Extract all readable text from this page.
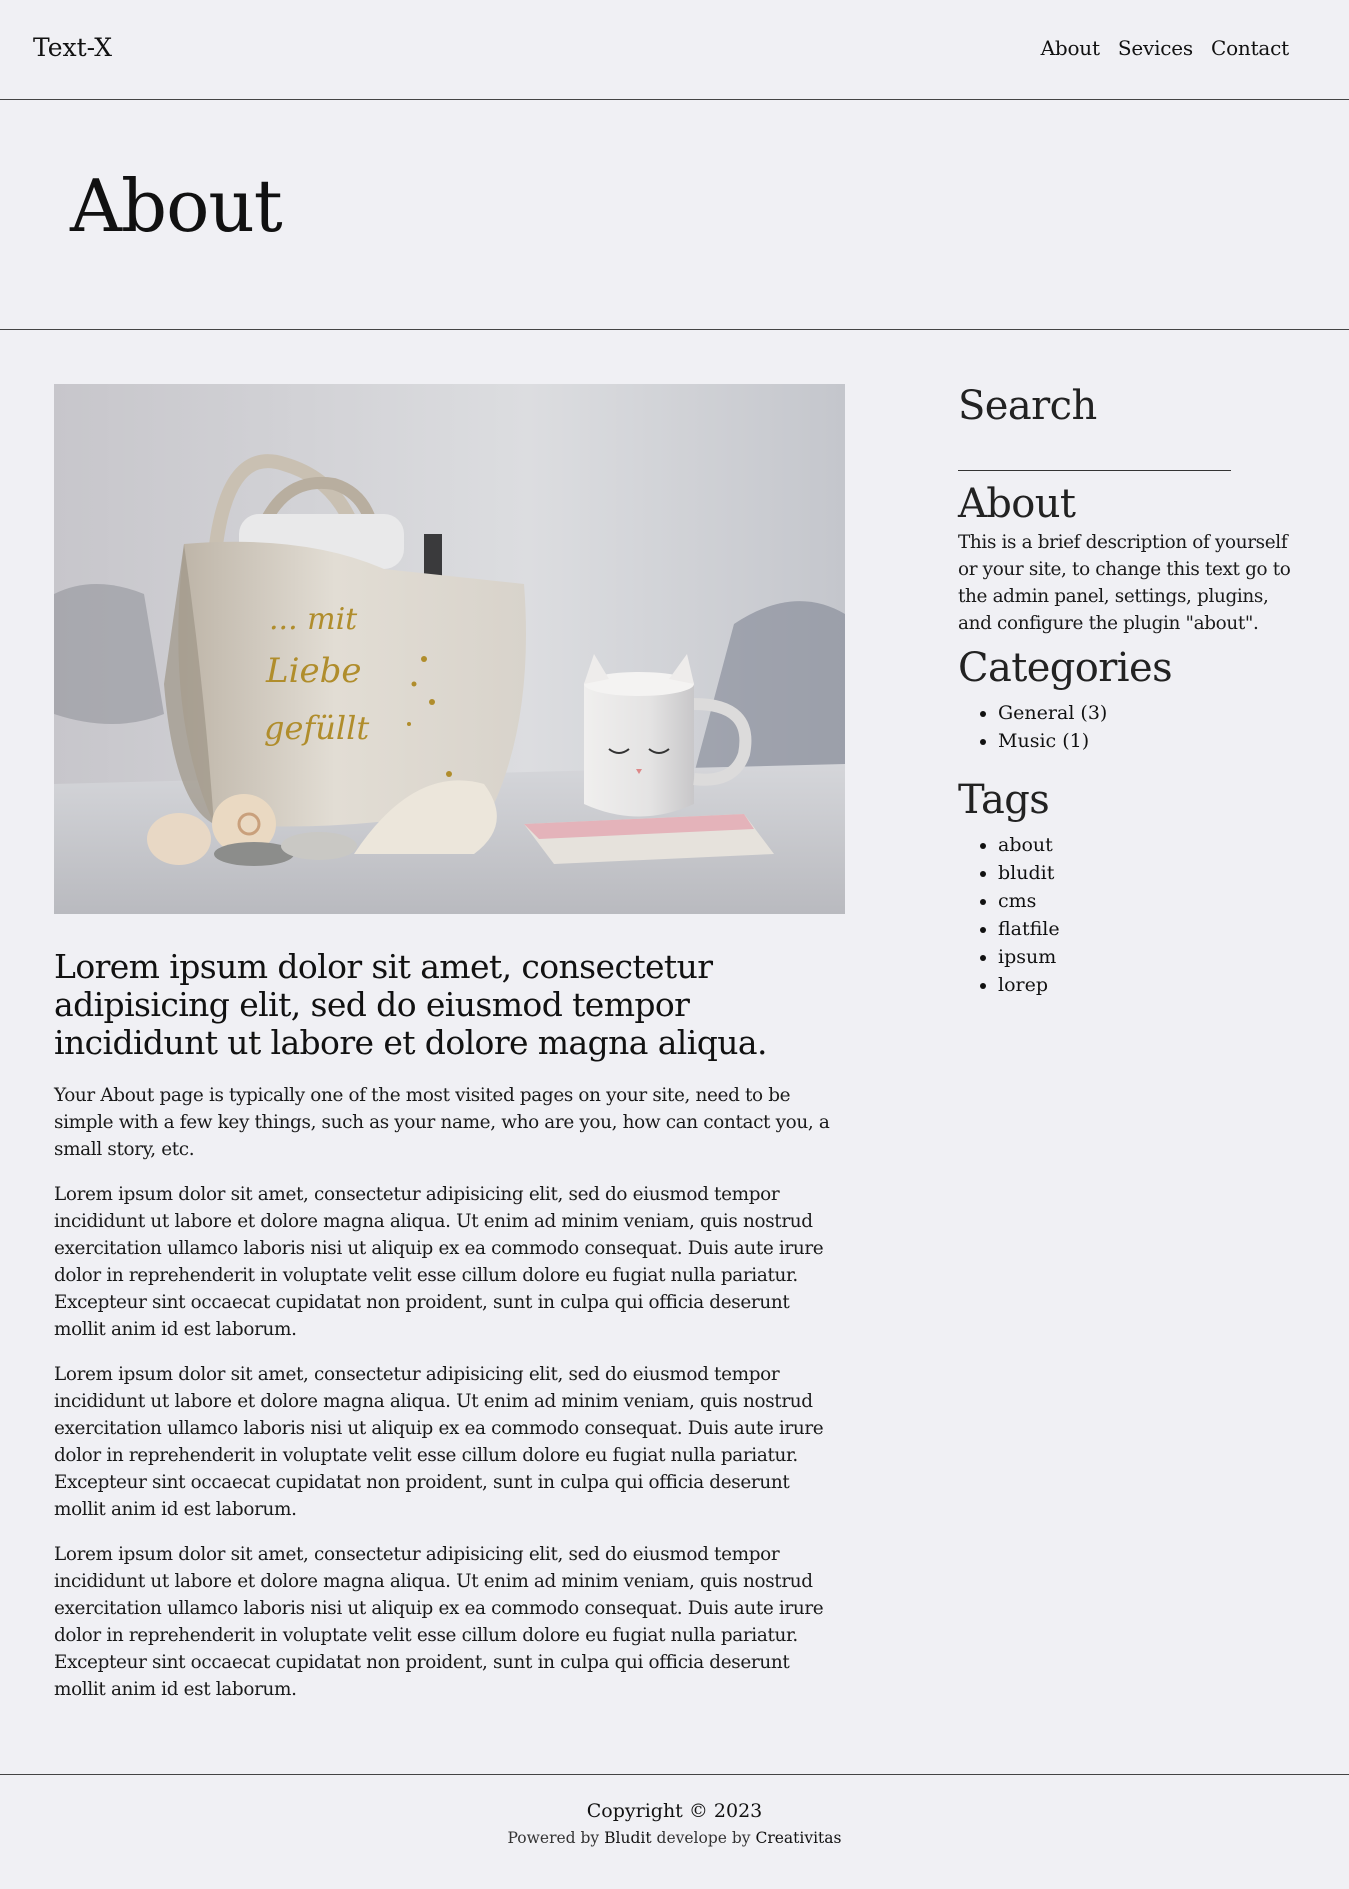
Text-X	About Sevices Contact
About
... mit
Liebe
gefüllt
Lorem ipsum dolor sit amet, consectetur adipisicing elit, sed do eiusmod tempor incididunt ut labore et dolore magna aliqua.

Your About page is typically one of the most visited pages on your site, need to be simple with a few key things, such as your name, who are you, how can contact you, a small story, etc.

Lorem ipsum dolor sit amet, consectetur adipisicing elit, sed do eiusmod tempor incididunt ut labore et dolore magna aliqua. Ut enim ad minim veniam, quis nostrud exercitation ullamco laboris nisi ut aliquip ex ea commodo consequat. Duis aute irure dolor in reprehenderit in voluptate velit esse cillum dolore eu fugiat nulla pariatur. Excepteur sint occaecat cupidatat non proident, sunt in culpa qui officia deserunt mollit anim id est laborum.

Lorem ipsum dolor sit amet, consectetur adipisicing elit, sed do eiusmod tempor incididunt ut labore et dolore magna aliqua. Ut enim ad minim veniam, quis nostrud exercitation ullamco laboris nisi ut aliquip ex ea commodo consequat. Duis aute irure dolor in reprehenderit in voluptate velit esse cillum dolore eu fugiat nulla pariatur. Excepteur sint occaecat cupidatat non proident, sunt in culpa qui officia deserunt mollit anim id est laborum.

Lorem ipsum dolor sit amet, consectetur adipisicing elit, sed do eiusmod tempor incididunt ut labore et dolore magna aliqua. Ut enim ad minim veniam, quis nostrud exercitation ullamco laboris nisi ut aliquip ex ea commodo consequat. Duis aute irure dolor in reprehenderit in voluptate velit esse cillum dolore eu fugiat nulla pariatur. Excepteur sint occaecat cupidatat non proident, sunt in culpa qui officia deserunt mollit anim id est laborum.

Search
About

This is a brief description of yourself or your site, to change this text go to the admin panel, settings, plugins, and configure the plugin "about".

Categories
• General (3)
• Music (1)
Tags
• about
• bludit
• cms
• flatfile
• ipsum
• lorep
Copyright © 2023
Powered by Bludit develope by Creativitas
